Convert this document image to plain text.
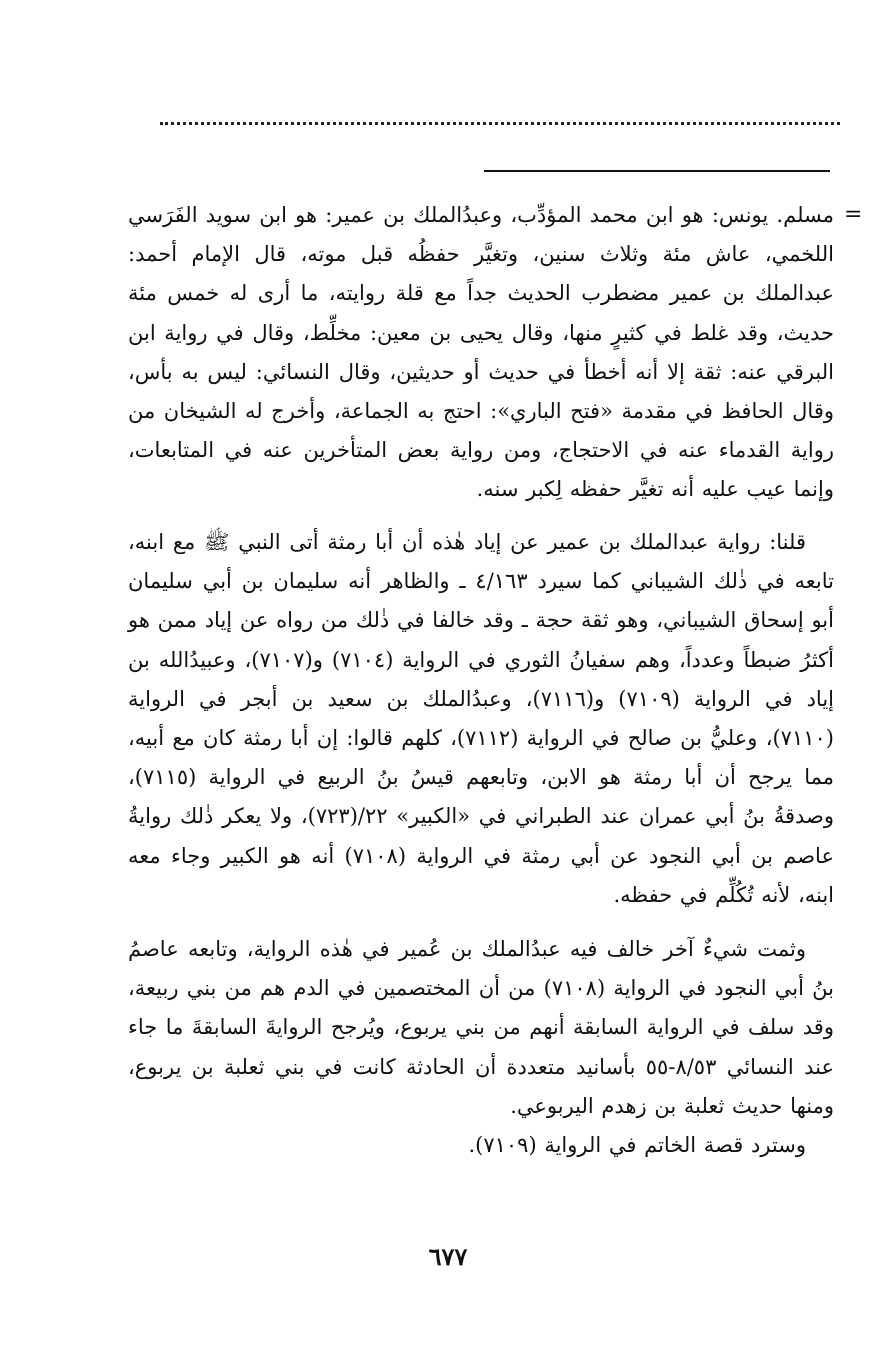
=

مسلم. يونس: هو ابن محمد المؤدِّب، وعبدُالملك بن عمير: هو ابن سويد الفَرَسي اللخمي، عاش مئة وثلاث سنين، وتغيَّر حفظُه قبل موته، قال الإمام أحمد: عبدالملك بن عمير مضطرب الحديث جداً مع قلة روايته، ما أرى له خمس مئة حديث، وقد غلط في كثيرٍ منها، وقال يحيى بن معين: مخلِّط، وقال في رواية ابن البرقي عنه: ثقة إلا أنه أخطأ في حديث أو حديثين، وقال النسائي: ليس به بأس، وقال الحافظ في مقدمة «فتح الباري»: احتج به الجماعة، وأخرج له الشيخان من رواية القدماء عنه في الاحتجاج، ومن رواية بعض المتأخرين عنه في المتابعات، وإنما عيب عليه أنه تغيَّر حفظه لِكبر سنه.

قلنا: رواية عبدالملك بن عمير عن إياد هٰذه أن أبا رمثة أتى النبي ﷺ مع ابنه، تابعه في ذٰلك الشيباني كما سيرد ٤/١٦٣ ـ والظاهر أنه سليمان بن أبي سليمان أبو إسحاق الشيباني، وهو ثقة حجة ـ وقد خالفا في ذٰلك من رواه عن إياد ممن هو أكثرُ ضبطاً وعدداً، وهم سفيانُ الثوري في الرواية (٧١٠٤) و(٧١٠٧)، وعبيدُالله بن إياد في الرواية (٧١٠٩) و(٧١١٦)، وعبدُالملك بن سعيد بن أبجر في الرواية (٧١١٠)، وعليُّ بن صالح في الرواية (٧١١٢)، كلهم قالوا: إن أبا رمثة كان مع أبيه، مما يرجح أن أبا رمثة هو الابن، وتابعهم قيسُ بنُ الربيع في الرواية (٧١١٥)، وصدقةُ بنُ أبي عمران عند الطبراني في «الكبير» ٢٢/(٧٢٣)، ولا يعكر ذٰلك روايةُ عاصم بن أبي النجود عن أبي رمثة في الرواية (٧١٠٨) أنه هو الكبير وجاء معه ابنه، لأنه تُكُلِّم في حفظه.

وثمت شيءٌ آخر خالف فيه عبدُالملك بن عُمير في هٰذه الرواية، وتابعه عاصمُ بنُ أبي النجود في الرواية (٧١٠٨) من أن المختصمين في الدم هم من بني ربيعة، وقد سلف في الرواية السابقة أنهم من بني يربوع، ويُرجح الروايةَ السابقةَ ما جاء عند النسائي ٨/٥٣-٥٥ بأسانيد متعددة أن الحادثة كانت في بني ثعلبة بن يربوع، ومنها حديث ثعلبة بن زهدم اليربوعي.

وسترد قصة الخاتم في الرواية (٧١٠٩).

٦٧٧
